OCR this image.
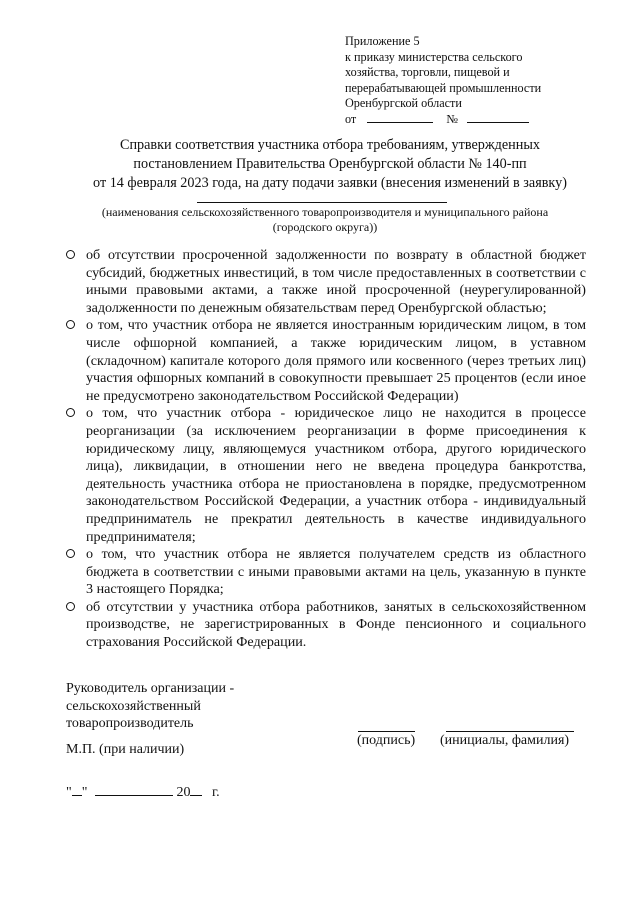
Приложение 5
к приказу министерства сельского
хозяйства, торговли, пищевой и
перерабатывающей промышленности
Оренбургской области
от	№
Справки соответствия участника отбора требованиям, утвержденных
постановлением Правительства Оренбургской области № 140-пп
от 14 февраля 2023 года, на дату подачи заявки (внесения изменений в заявку)
(наименования сельскохозяйственного товаропроизводителя и муниципального района (городского округа))
об отсутствии просроченной задолженности по возврату в областной бюджет субсидий, бюджетных инвестиций, в том числе предоставленных в соответствии с иными правовыми актами, а также иной просроченной (неурегулированной) задолженности по денежным обязательствам перед Оренбургской областью;
о том, что участник отбора не является иностранным юридическим лицом, в том числе офшорной компанией, а также юридическим лицом, в уставном (складочном) капитале которого доля прямого или косвенного (через третьих лиц) участия офшорных компаний в совокупности превышает 25 процентов (если иное не предусмотрено законодательством Российской Федерации)
о том, что участник отбора - юридическое лицо не находится в процессе реорганизации (за исключением реорганизации в форме присоединения к юридическому лицу, являющемуся участником отбора, другого юридического лица), ликвидации, в отношении него не введена процедура банкротства, деятельность участника отбора не приостановлена в порядке, предусмотренном законодательством Российской Федерации, а участник отбора - индивидуальный предприниматель не прекратил деятельность в качестве индивидуального предпринимателя;
о том, что участник отбора не является получателем средств из областного бюджета в соответствии с иными правовыми актами на цель, указанную в пункте 3 настоящего Порядка;
об отсутствии у участника отбора работников, занятых в сельскохозяйственном производстве, не зарегистрированных в Фонде пенсионного и социального страхования Российской Федерации.
Руководитель организации -
сельскохозяйственный
товаропроизводитель
(подпись) (инициалы, фамилия)
М.П. (при наличии)
" "	20 г.
